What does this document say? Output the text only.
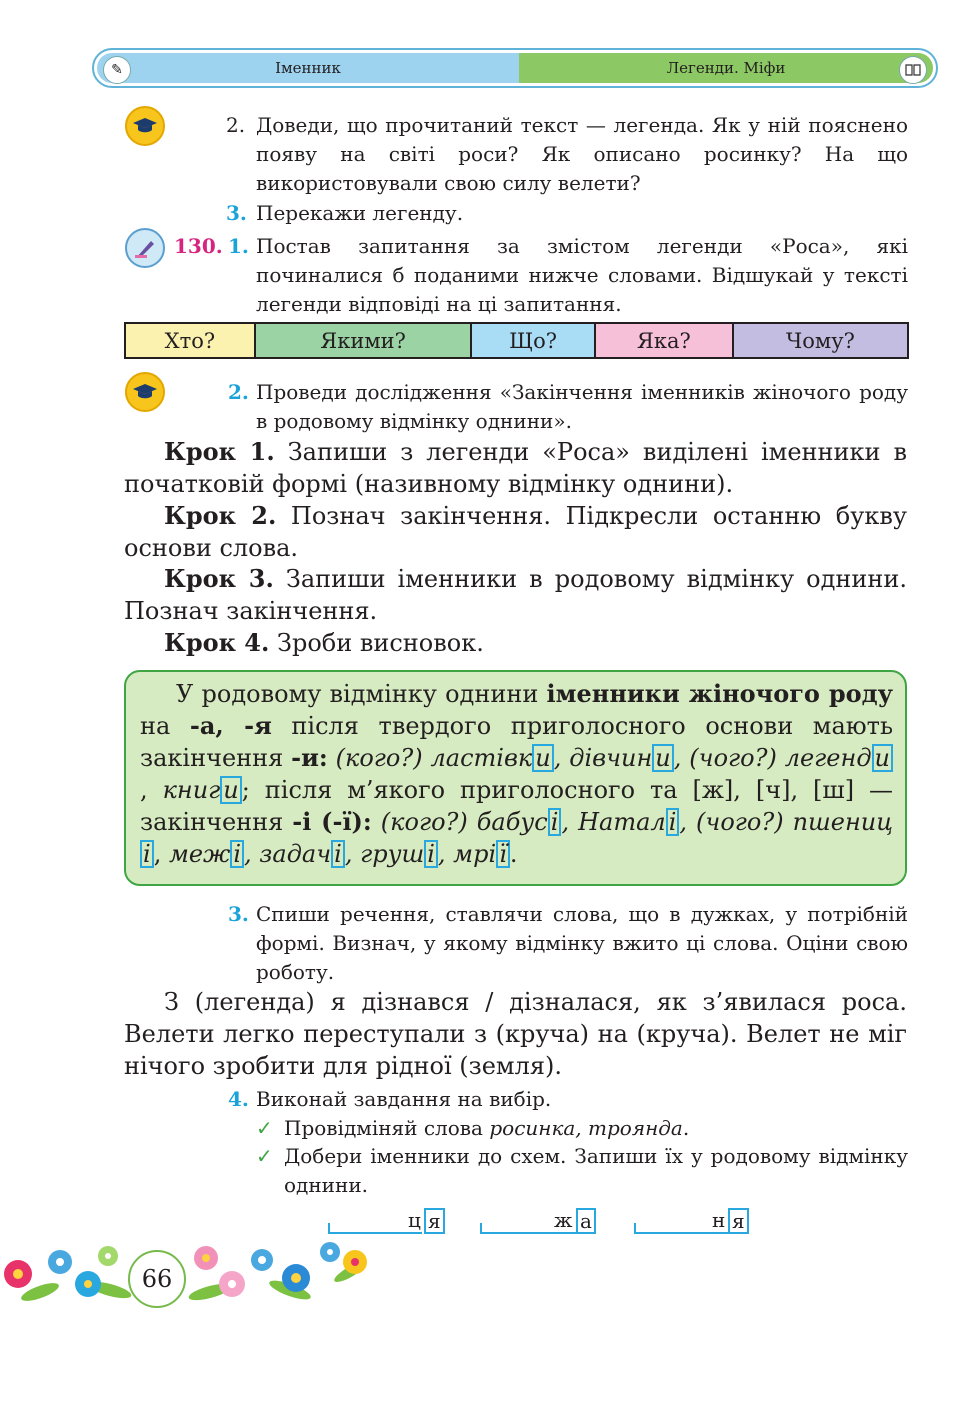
✎	Іменник	Легенди. Міфи
2. Доведи, що прочитаний текст — легенда. Як у ній пояснено появу на світі роси? Як описано росинку? На що використовували свою силу велети?
3. Перекажи легенду.
130. 1. Постав запитання за змістом легенди «Роса», які починалися б поданими нижче словами. Відшукай у тексті легенди відповіді на ці запитання.
Хто?	Якими?	Що?	Яка?	Чому?
2. Проведи дослідження «Закінчення іменників жіночого роду в родовому відмінку однини».
Крок 1. Запиши з легенди «Роса» виділені іменники в початковій формі (називному відмінку однини).
Крок 2. Познач закінчення. Підкресли останню букву основи слова.
Крок 3. Запиши іменники в родовому відмінку однини. Познач закінчення.
Крок 4. Зроби висновок.
У родовому відмінку однини іменники жіночого роду на -а, -я після твердого приголосного основи мають закінчення -и: (кого?) ластівк и , дівчин и , (чого?) легенд и, книг и ; після м’якого приголосного та [ж], [ч], [ш] — закінчення -і (-ї): (кого?) бабус і , Натал і , (чого?) пшениці , меж і , задач і , груш і , мрі ї .
3. Спиши речення, ставлячи слова, що в дужках, у потрібній формі. Визнач, у якому відмінку вжито ці слова. Оціни свою роботу.
З (легенда) я дізнався / дізналася, як з’явилася роса. Велети легко переступали з (круча) на (круча). Велет не міг нічого зробити для рідної (земля).
4. Виконай завдання на вибір.
✓ Провідміняй слова росинка, троянда.
✓ Добери іменники до схем. Запиши їх у родовому відмінку однини.
ц я	ж а	н я
66
